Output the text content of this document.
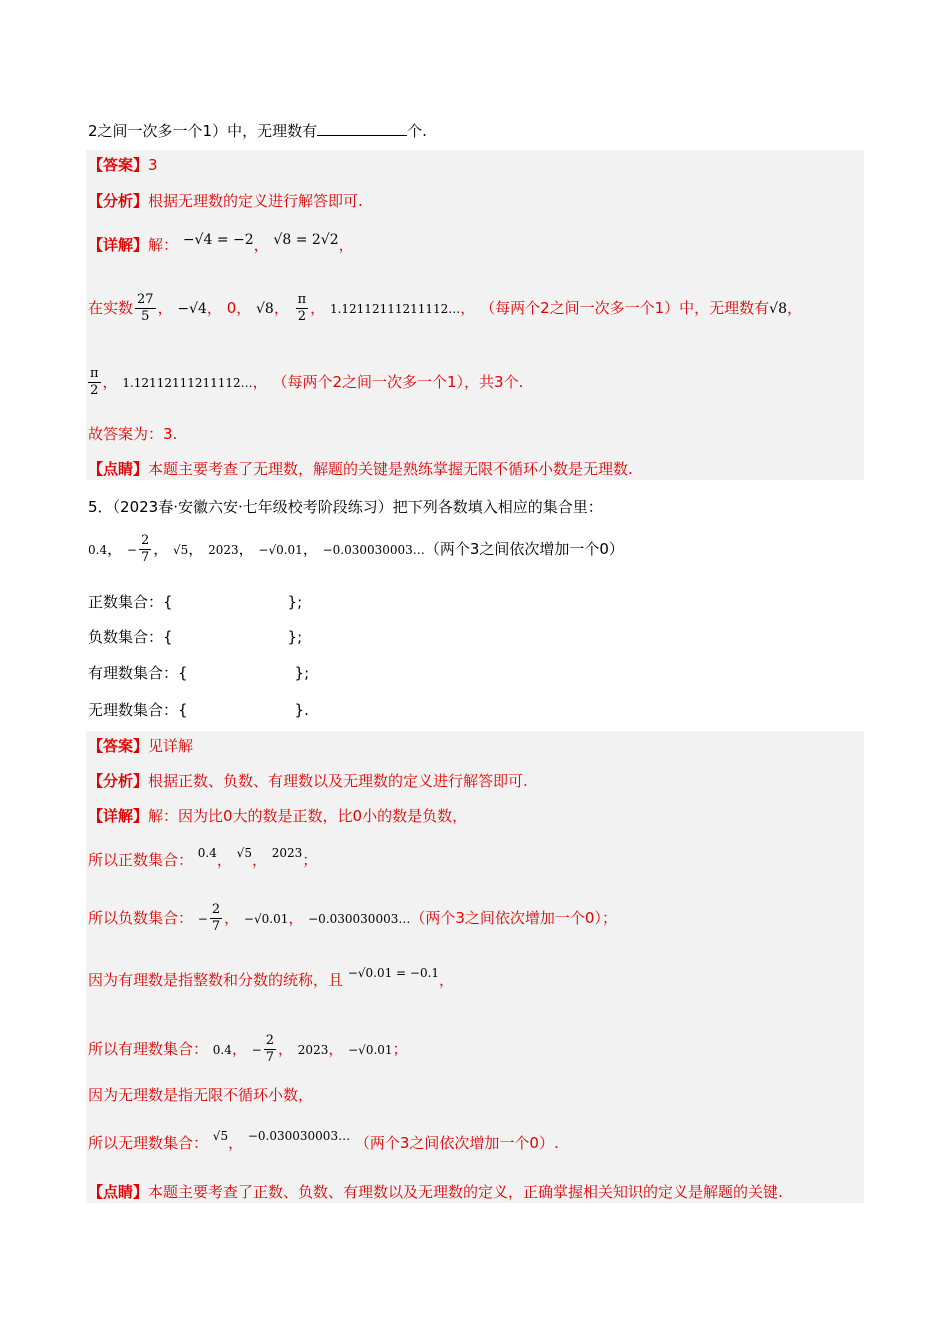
2之间一次多一个1）中，无理数有	个.
【答案】3
【分析】根据无理数的定义进行解答即可.
【详解】解： −√4 = −2， √8 = 2√2，
在实数 $\frac{27}{5}$ ， −√4， 0， √8， $\frac{\pi}{2}$ ， 1.12112111211112…， （每两个2之间一次多一个1）中，无理数有√8，
$\frac{\pi}{2}$ ， 1.12112111211112…， （每两个2之间一次多一个1），共3个.
故答案为：3.
【点睛】本题主要考查了无理数，解题的关键是熟练掌握无限不循环小数是无理数.
5．（2023春·安徽六安·七年级校考阶段练习）把下列各数填入相应的集合里：
0.4， − $\frac{2}{7}$ ， √5， 2023， −√0.01， −0.030030003…（两个3之间依次增加一个0）
正数集合：{	};
负数集合：{	};
有理数集合：{	};
无理数集合：{	}.
【答案】见详解
【分析】根据正数、负数、有理数以及无理数的定义进行解答即可.
【详解】解：因为比0大的数是正数，比0小的数是负数，
所以正数集合： $^{0.4}$， $^{√5}$， $^{2023}$；
所以负数集合： − $\frac{2}{7}$ ， −√0.01， −0.030030003…（两个3之间依次增加一个0）；
因为有理数是指整数和分数的统称，且 $^{-√0.01 = -0.1}$，
所以有理数集合： 0.4， − $\frac{2}{7}$ ， 2023， −√0.01；
因为无理数是指无限不循环小数，
所以无理数集合： $^{√5}$， $^{-0.030030003\dots}$ （两个3之间依次增加一个0）.
【点睛】本题主要考查了正数、负数、有理数以及无理数的定义，正确掌握相关知识的定义是解题的关键.
